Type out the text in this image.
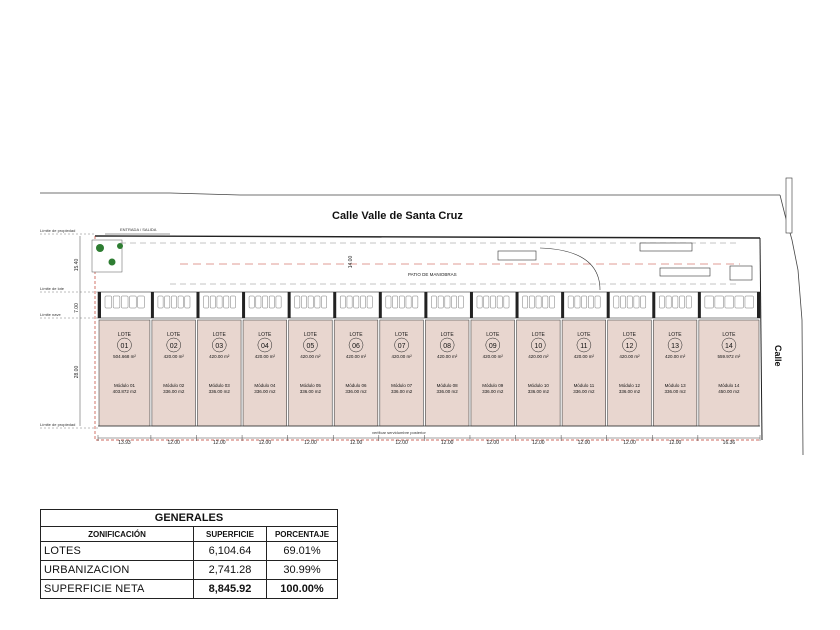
Calle Valle de Santa Cruz
Calle
Límite de propiedad
Límite de lote
Límite nave
Límite de propiedad
ENTRADA / SALIDA
PATIO DE MANIOBRAS
14.00
LOTE
01
504.668 m²
Módulo 01
403.872 m2
LOTE
02
420.00 m²
Módulo 02
336.00 m2
LOTE
03
420.00 m²
Módulo 03
336.00 m2
LOTE
04
420.00 m²
Módulo 04
336.00 m2
LOTE
05
420.00 m²
Módulo 05
336.00 m2
LOTE
06
420.00 m²
Módulo 06
336.00 m2
LOTE
07
420.00 m²
Módulo 07
336.00 m2
LOTE
08
420.00 m²
Módulo 08
336.00 m2
LOTE
09
420.00 m²
Módulo 09
336.00 m2
LOTE
10
420.00 m²
Módulo 10
336.00 m2
LOTE
11
420.00 m²
Módulo 11
336.00 m2
LOTE
12
420.00 m²
Módulo 12
336.00 m2
LOTE
13
420.00 m²
Módulo 13
336.00 m2
LOTE
14
559.972 m²
Módulo 14
450.00 m2
verificar servidumbre posterior
13.93	12.00	12.00	12.00	12.00	12.00	12.00	12.00	12.00	12.00	12.00	12.00	12.00	16.36
15.40
7.00
28.00
GENERALES		
ZONIFICACIÓN	SUPERFICIE	PORCENTAJE
LOTES	6,104.64	69.01%
URBANIZACION	2,741.28	30.99%
SUPERFICIE NETA	8,845.92	100.00%
